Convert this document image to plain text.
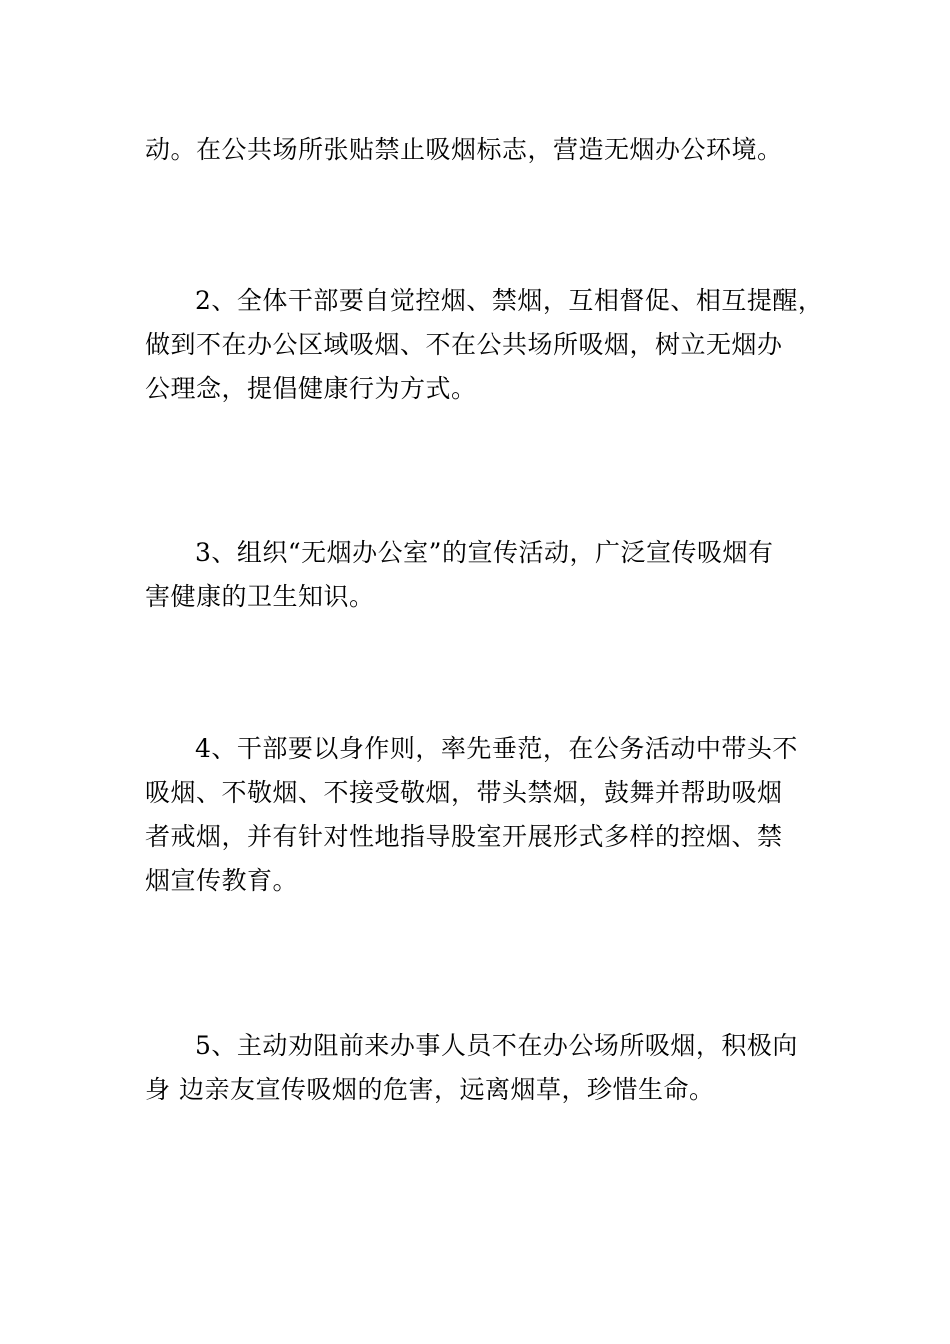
动。在公共场所张贴禁止吸烟标志，营造无烟办公环境。

2、全体干部要自觉控烟、禁烟，互相督促、相互提醒，
做到不在办公区域吸烟、不在公共场所吸烟，树立无烟办
公理念，提倡健康行为方式。

3、组织“无烟办公室”的宣传活动，广泛宣传吸烟有
害健康的卫生知识。

4、干部要以身作则，率先垂范，在公务活动中带头不
吸烟、不敬烟、不接受敬烟，带头禁烟，鼓舞并帮助吸烟
者戒烟，并有针对性地指导股室开展形式多样的控烟、禁
烟宣传教育。

5、主动劝阻前来办事人员不在办公场所吸烟，积极向
身 边亲友宣传吸烟的危害，远离烟草，珍惜生命。
